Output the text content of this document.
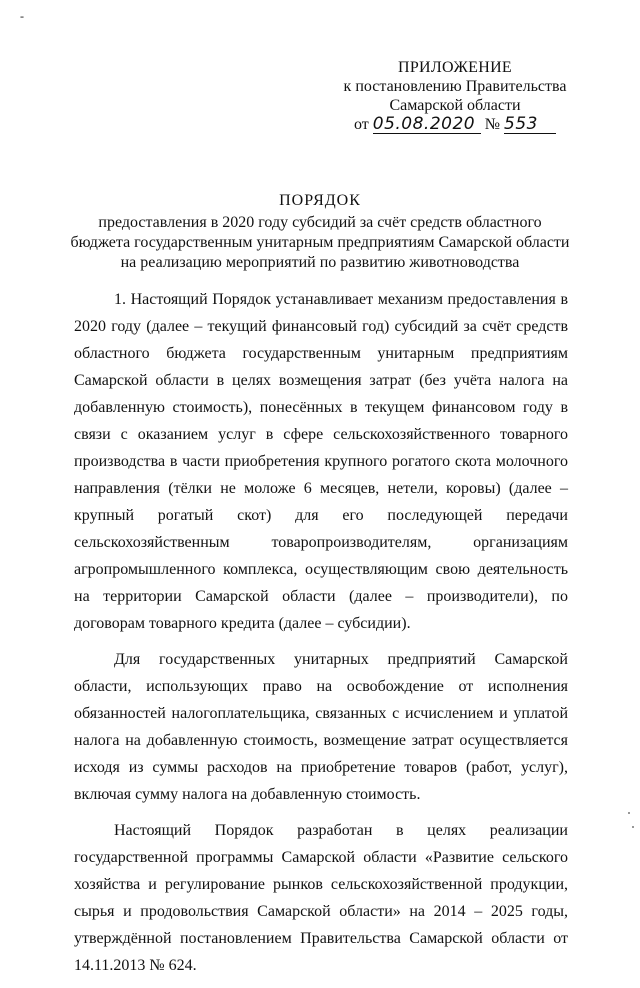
-
ПРИЛОЖЕНИЕ
к постановлению Правительства
Самарской области
от 05.08.2020 № 553
ПОРЯДОК
предоставления в 2020 году субсидий за счёт средств областного
бюджета государственным унитарным предприятиям Самарской области
на реализацию мероприятий по развитию животноводства

1. Настоящий Порядок устанавливает механизм предоставления в 2020 году (далее – текущий финансовый год) субсидий за счёт средств областного бюджета государственным унитарным предприятиям Самарской области в целях возмещения затрат (без учёта налога на добавленную стоимость), понесённых в текущем финансовом году в связи с оказанием услуг в сфере сельскохозяйственного товарного производства в части приобретения крупного рогатого скота молочного направления (тёлки не моложе 6 месяцев, нетели, коровы) (далее – крупный рогатый скот) для его последующей передачи сельскохозяйственным товаропроизводителям, организациям агропромышленного комплекса, осуществляющим свою деятельность на территории Самарской области (далее – производители), по договорам товарного кредита (далее – субсидии).

Для государственных унитарных предприятий Самарской области, использующих право на освобождение от исполнения обязанностей налогоплательщика, связанных с исчислением и уплатой налога на добавленную стоимость, возмещение затрат осуществляется исходя из суммы расходов на приобретение товаров (работ, услуг), включая сумму налога на добавленную стоимость.

Настоящий Порядок разработан в целях реализации государственной программы Самарской области «Развитие сельского хозяйства и регулирование рынков сельскохозяйственной продукции, сырья и продовольствия Самарской области» на 2014 – 2025 годы, утверждённой постановлением Правительства Самарской области от 14.11.2013 № 624.
